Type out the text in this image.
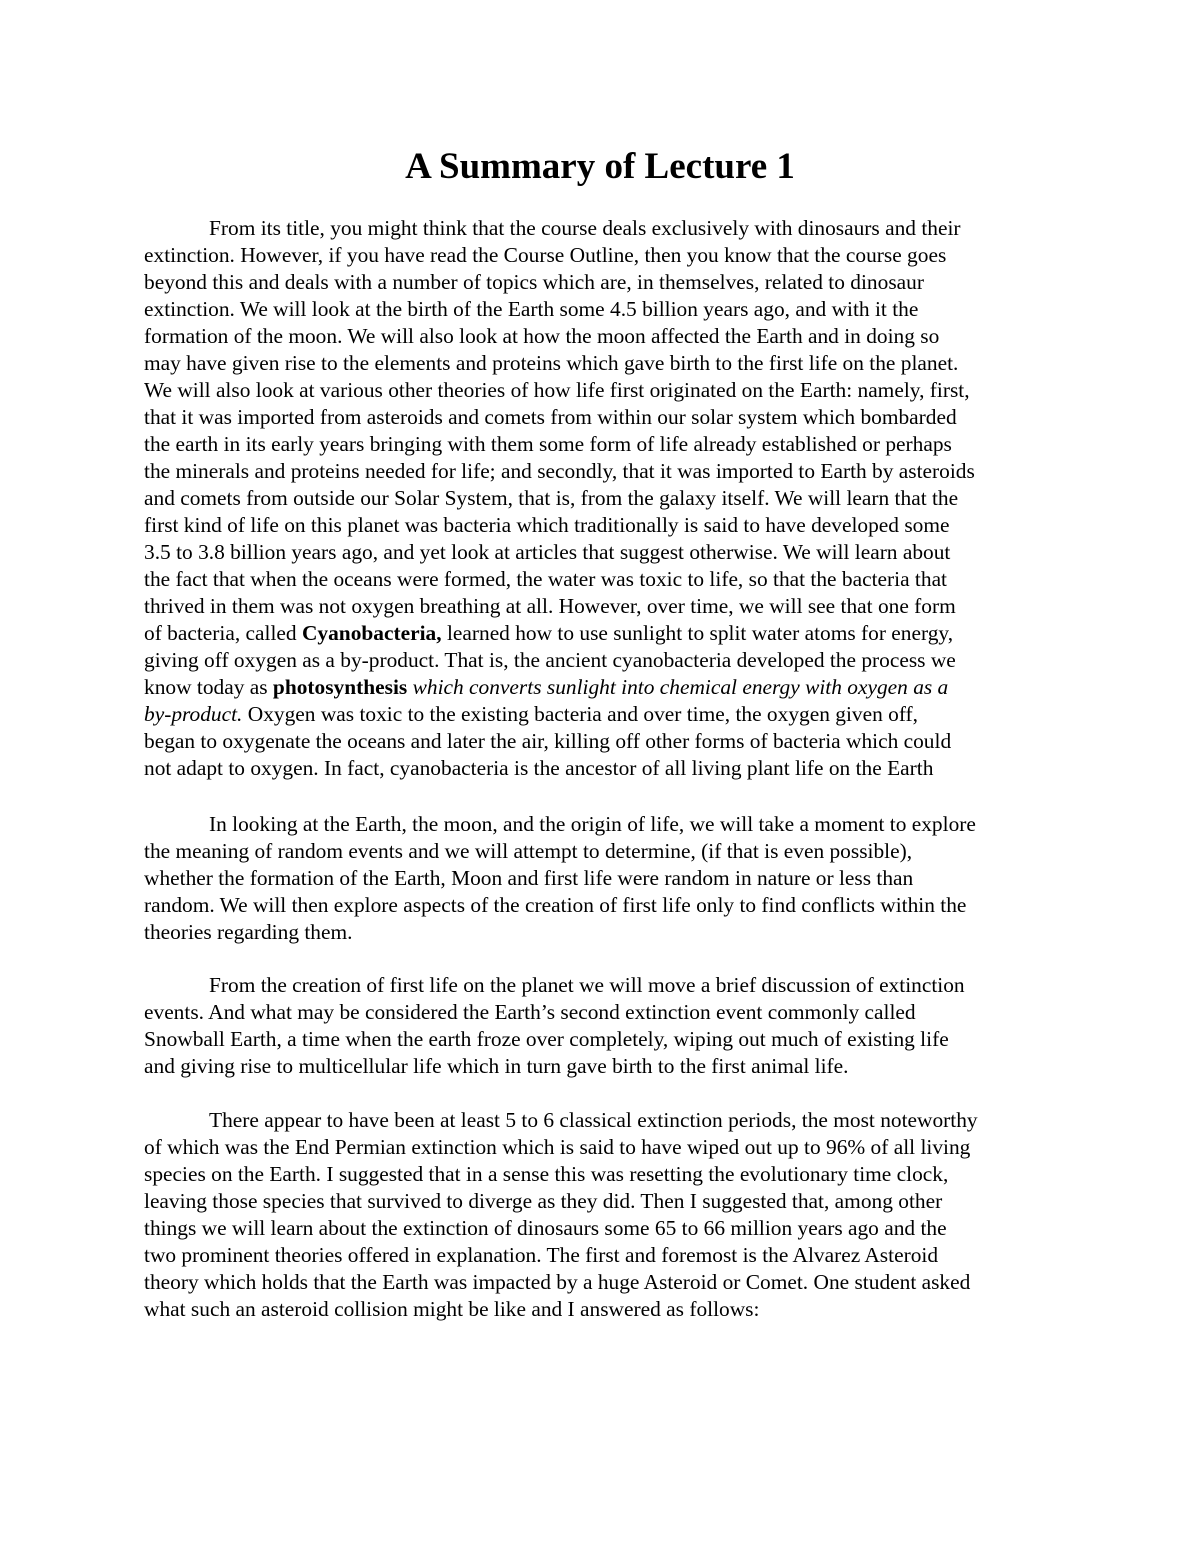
A Summary of Lecture 1
From its title, you might think that the course deals exclusively with dinosaurs and their
extinction. However, if you have read the Course Outline, then you know that the course goes
beyond this and deals with a number of topics which are, in themselves, related to dinosaur
extinction. We will look at the birth of the Earth some 4.5 billion years ago, and with it the
formation of the moon. We will also look at how the moon affected the Earth and in doing so
may have given rise to the elements and proteins which gave birth to the first life on the planet.
We will also look at various other theories of how life first originated on the Earth: namely, first,
that it was imported from asteroids and comets from within our solar system which bombarded
the earth in its early years bringing with them some form of life already established or perhaps
the minerals and proteins needed for life; and secondly, that it was imported to Earth by asteroids
and comets from outside our Solar System, that is, from the galaxy itself. We will learn that the
first kind of life on this planet was bacteria which traditionally is said to have developed some
3.5 to 3.8 billion years ago, and yet look at articles that suggest otherwise. We will learn about
the fact that when the oceans were formed, the water was toxic to life, so that the bacteria that
thrived in them was not oxygen breathing at all. However, over time, we will see that one form
of bacteria, called Cyanobacteria, learned how to use sunlight to split water atoms for energy,
giving off oxygen as a by-product. That is, the ancient cyanobacteria developed the process we
know today as photosynthesis which converts sunlight into chemical energy with oxygen as a
by-product. Oxygen was toxic to the existing bacteria and over time, the oxygen given off,
began to oxygenate the oceans and later the air, killing off other forms of bacteria which could
not adapt to oxygen. In fact, cyanobacteria is the ancestor of all living plant life on the Earth
In looking at the Earth, the moon, and the origin of life, we will take a moment to explore
the meaning of random events and we will attempt to determine, (if that is even possible),
whether the formation of the Earth, Moon and first life were random in nature or less than
random. We will then explore aspects of the creation of first life only to find conflicts within the
theories regarding them.
From the creation of first life on the planet we will move a brief discussion of extinction
events. And what may be considered the Earth’s second extinction event commonly called
Snowball Earth, a time when the earth froze over completely, wiping out much of existing life
and giving rise to multicellular life which in turn gave birth to the first animal life.
There appear to have been at least 5 to 6 classical extinction periods, the most noteworthy
of which was the End Permian extinction which is said to have wiped out up to 96% of all living
species on the Earth. I suggested that in a sense this was resetting the evolutionary time clock,
leaving those species that survived to diverge as they did. Then I suggested that, among other
things we will learn about the extinction of dinosaurs some 65 to 66 million years ago and the
two prominent theories offered in explanation. The first and foremost is the Alvarez Asteroid
theory which holds that the Earth was impacted by a huge Asteroid or Comet. One student asked
what such an asteroid collision might be like and I answered as follows:
